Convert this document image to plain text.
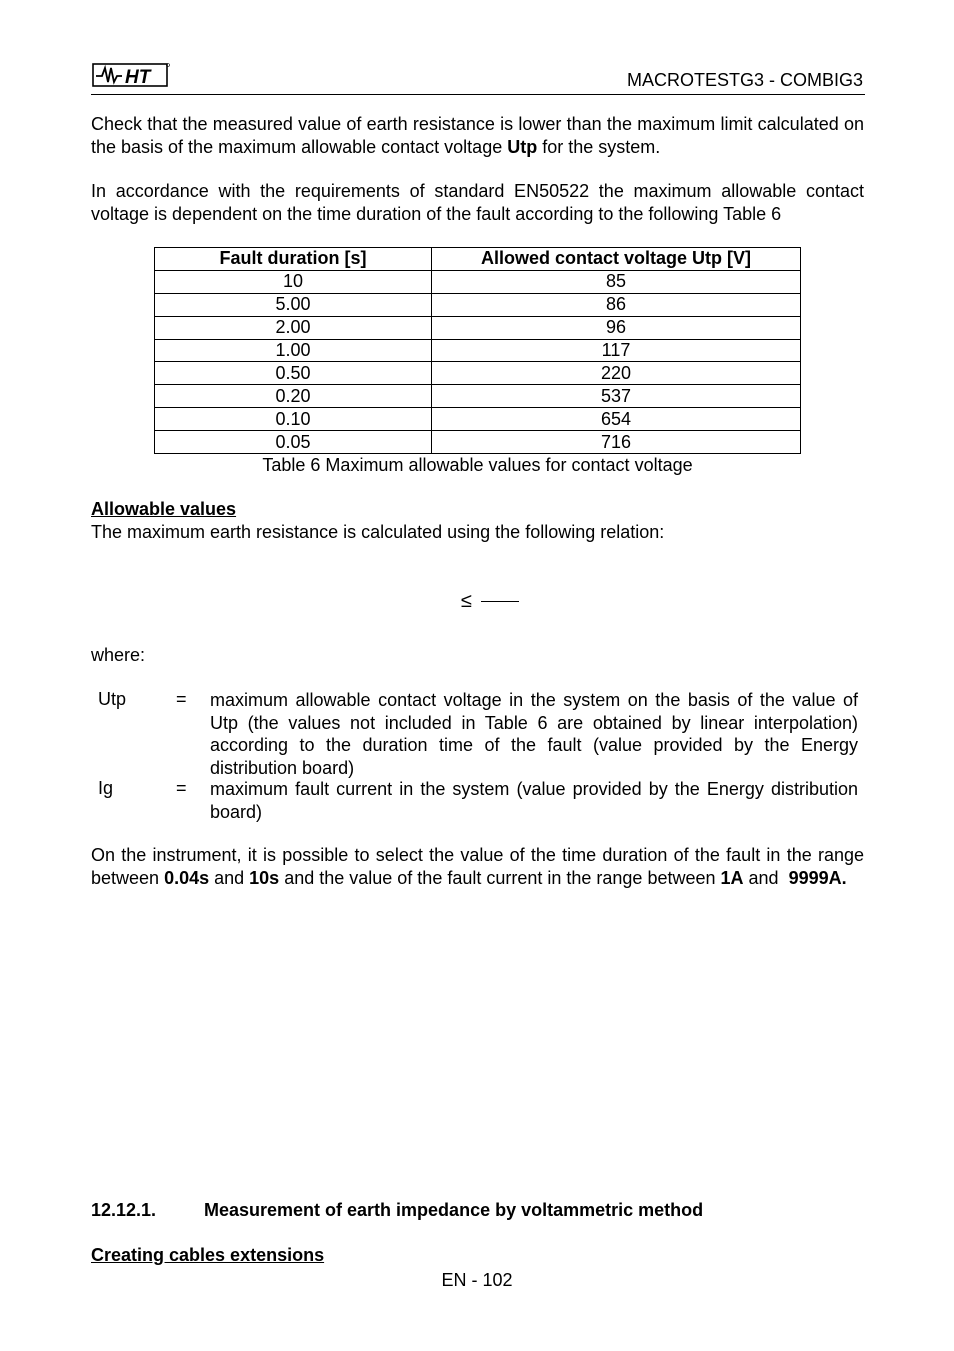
HT	MACROTESTG3 - COMBIG3
Check that the measured value of earth resistance is lower than the maximum limit calculated on the basis of the maximum allowable contact voltage Utp for the system.
In accordance with the requirements of standard EN50522 the maximum allowable contact voltage is dependent on the time duration of the fault according to the following Table 6
Fault duration [s]	Allowed contact voltage Utp [V]
10	85
5.00	86
2.00	96
1.00	117
0.50	220
0.20	537
0.10	654
0.05	716
Table 6 Maximum allowable values for contact voltage
Allowable values
The maximum earth resistance is calculated using the following relation:
≤
where:
Utp	= maximum allowable contact voltage in the system on the basis of the value of Utp (the values not included in Table 6 are obtained by linear interpolation) according to the duration time of the fault (value provided by the Energy distribution board)
Ig	= maximum fault current in the system (value provided by the Energy distribution board)
On the instrument, it is possible to select the value of the time duration of the fault in the range between 0.04s and 10s and the value of the fault current in the range between 1A and  9999A.
12.12.1.	Measurement of earth impedance by voltammetric method
Creating cables extensions
EN - 102
